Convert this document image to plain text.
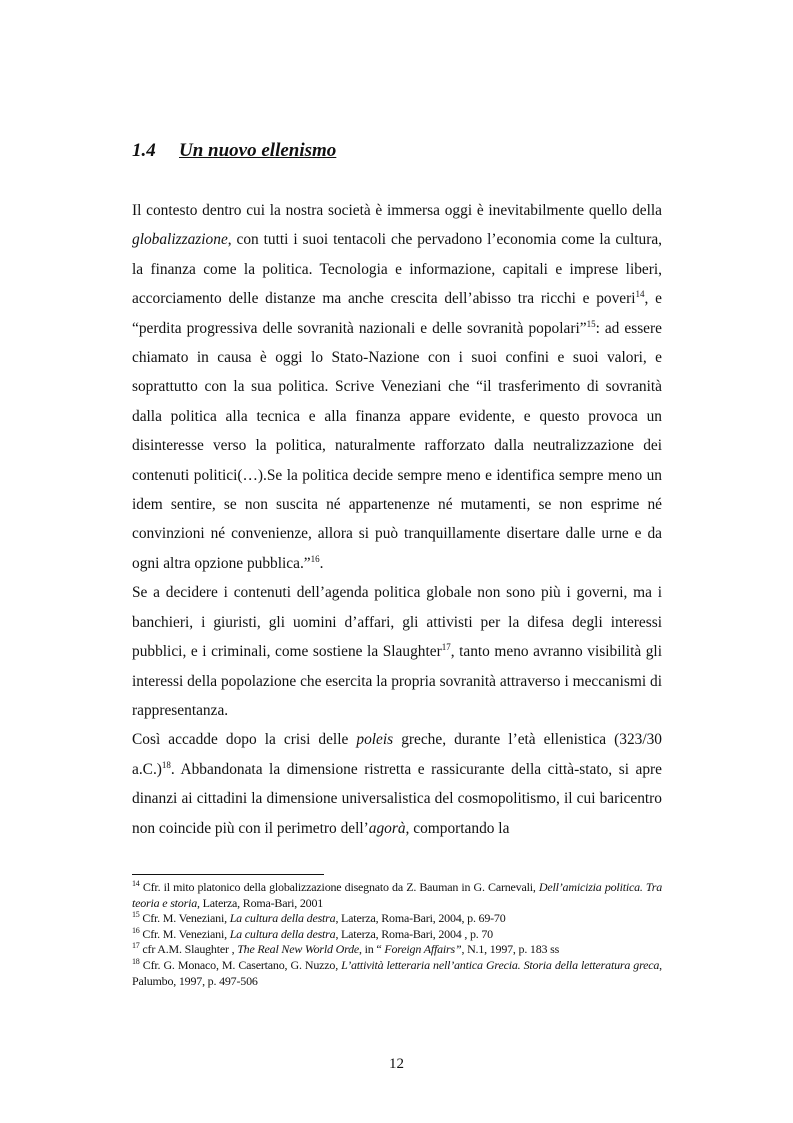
1.4 Un nuovo ellenismo

Il contesto dentro cui la nostra società è immersa oggi è inevitabilmente quello della globalizzazione, con tutti i suoi tentacoli che pervadono l’economia come la cultura, la finanza come la politica. Tecnologia e informazione, capitali e imprese liberi, accorciamento delle distanze ma anche crescita dell’abisso tra ricchi e poveri$^{14}$, e “perdita progressiva delle sovranità nazionali e delle sovranità popolari”$^{15}$: ad essere chiamato in causa è oggi lo Stato-Nazione con i suoi confini e suoi valori, e soprattutto con la sua politica. Scrive Veneziani che “il trasferimento di sovranità dalla politica alla tecnica e alla finanza appare evidente, e questo provoca un disinteresse verso la politica, naturalmente rafforzato dalla neutralizzazione dei contenuti politici(…).Se la politica decide sempre meno e identifica sempre meno un idem sentire, se non suscita né appartenenze né mutamenti, se non esprime né convinzioni né convenienze, allora si può tranquillamente disertare dalle urne e da ogni altra opzione pubblica.”$^{16}$.

Se a decidere i contenuti dell’agenda politica globale non sono più i governi, ma i banchieri, i giuristi, gli uomini d’affari, gli attivisti per la difesa degli interessi pubblici, e i criminali, come sostiene la Slaughter$^{17}$, tanto meno avranno visibilità gli interessi della popolazione che esercita la propria sovranità attraverso i meccanismi di rappresentanza.

Così accadde dopo la crisi delle poleis greche, durante l’età ellenistica (323/30 a.C.)$^{18}$. Abbandonata la dimensione ristretta e rassicurante della città-stato, si apre dinanzi ai cittadini la dimensione universalistica del cosmopolitismo, il cui baricentro non coincide più con il perimetro dell’agorà, comportando la

$^{14}$ Cfr. il mito platonico della globalizzazione disegnato da Z. Bauman in G. Carnevali, Dell’amicizia politica. Tra teoria e storia, Laterza, Roma-Bari, 2001

$^{15}$ Cfr. M. Veneziani, La cultura della destra, Laterza, Roma-Bari, 2004, p. 69-70

$^{16}$ Cfr. M. Veneziani, La cultura della destra, Laterza, Roma-Bari, 2004 , p. 70

$^{17}$ cfr A.M. Slaughter , The Real New World Orde, in “ Foreign Affairs”, N.1, 1997, p. 183 ss

$^{18}$ Cfr. G. Monaco, M. Casertano, G. Nuzzo, L’attività letteraria nell’antica Grecia. Storia della letteratura greca, Palumbo, 1997, p. 497-506

12
